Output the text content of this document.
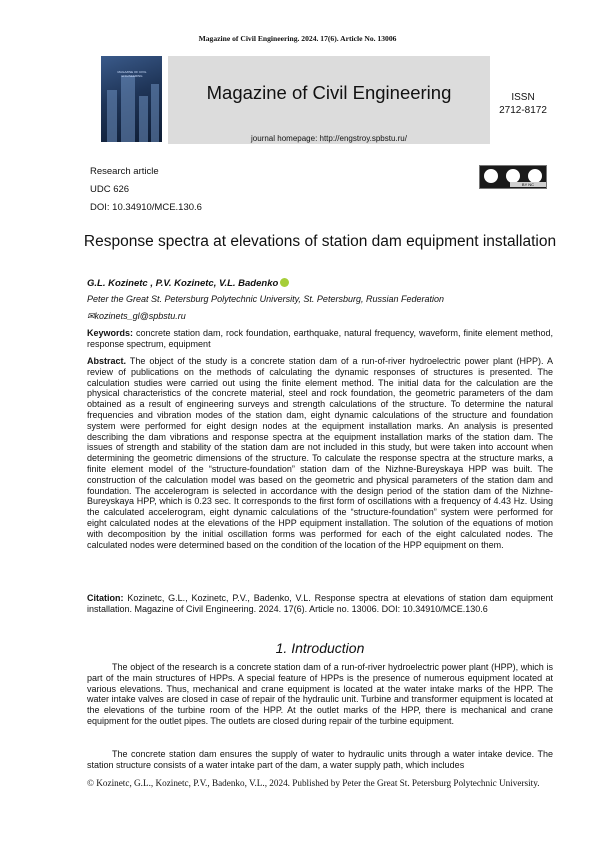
Magazine of Civil Engineering. 2024. 17(6). Article No. 13006
MAGAZINE OF CIVIL ENGINEERING
Magazine of Civil Engineering
journal homepage: http://engstroy.spbstu.ru/
ISSN
2712-8172
Research article
UDC 626
DOI: 10.34910/MCE.130.6
BY NC
Response spectra at elevations of station dam equipment installation
G.L. Kozinetc , P.V. Kozinetc, V.L. Badenko
Peter the Great St. Petersburg Polytechnic University, St. Petersburg, Russian Federation
✉kozinets_gl@spbstu.ru
Keywords: concrete station dam, rock foundation, earthquake, natural frequency, waveform, finite element method, response spectrum, equipment
Abstract. The object of the study is a concrete station dam of a run-of-river hydroelectric power plant (HPP). A review of publications on the methods of calculating the dynamic responses of structures is presented. The calculation studies were carried out using the finite element method. The initial data for the calculation are the physical characteristics of the concrete material, steel and rock foundation, the geometric parameters of the dam obtained as a result of engineering surveys and strength calculations of the structure. To determine the natural frequencies and vibration modes of the station dam, eight dynamic calculations of the structure and foundation system were performed for eight design nodes at the equipment installation marks. An analysis is presented describing the dam vibrations and response spectra at the equipment installation marks of the station dam. The issues of strength and stability of the station dam are not included in this study, but were taken into account when determining the geometric dimensions of the structure. To calculate the response spectra at the structure marks, a finite element model of the “structure-foundation” station dam of the Nizhne-Bureyskaya HPP was built. The construction of the calculation model was based on the geometric and physical parameters of the station dam and foundation. The accelerogram is selected in accordance with the design period of the station dam of the Nizhne-Bureyskaya HPP, which is 0.23 sec. It corresponds to the first form of oscillations with a frequency of 4.43 Hz. Using the calculated accelerogram, eight dynamic calculations of the “structure-foundation” system were performed for eight calculated nodes at the elevations of the HPP equipment installation. The solution of the equations of motion with decomposition by the initial oscillation forms was performed for each of the eight calculated nodes. The calculated nodes were determined based on the condition of the location of the HPP equipment on them.
Citation: Kozinetc, G.L., Kozinetc, P.V., Badenko, V.L. Response spectra at elevations of station dam equipment installation. Magazine of Civil Engineering. 2024. 17(6). Article no. 13006. DOI: 10.34910/MCE.130.6
1. Introduction
The object of the research is a concrete station dam of a run-of-river hydroelectric power plant (HPP), which is part of the main structures of HPPs. A special feature of HPPs is the presence of numerous equipment located at various elevations. Thus, mechanical and crane equipment is located at the water intake marks of the HPP. The water intake valves are closed in case of repair of the hydraulic unit. Turbine and transformer equipment is located at the elevations of the turbine room of the HPP. At the outlet marks of the HPP, there is mechanical and crane equipment for the outlet pipes. The outlets are closed during repair of the turbine equipment.
The concrete station dam ensures the supply of water to hydraulic units through a water intake device. The station structure consists of a water intake part of the dam, a water supply path, which includes
© Kozinetc, G.L., Kozinetc, P.V., Badenko, V.L., 2024. Published by Peter the Great St. Petersburg Polytechnic University.
